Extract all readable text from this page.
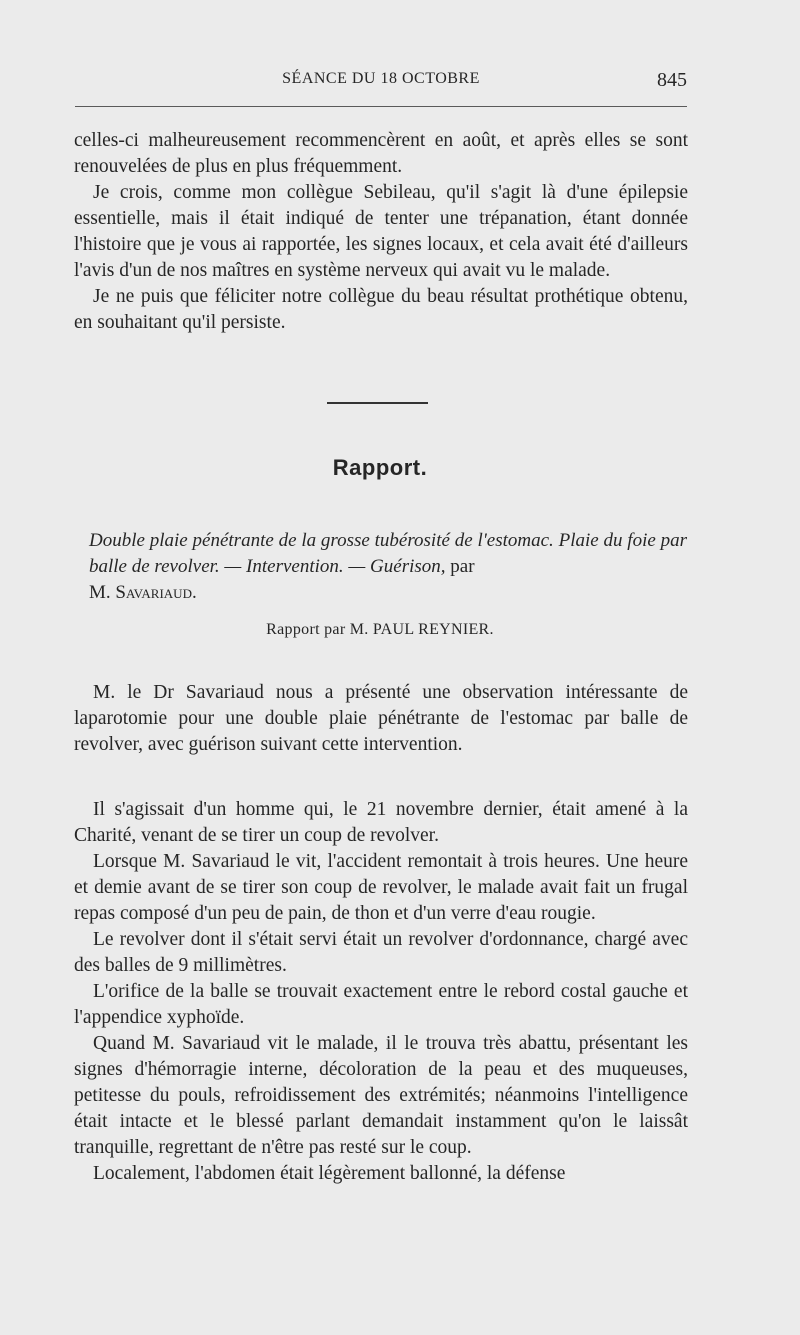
SÉANCE DU 18 OCTOBRE	845

celles-ci malheureusement recommencèrent en août, et après elles se sont renouvelées de plus en plus fréquemment.

Je crois, comme mon collègue Sebileau, qu'il s'agit là d'une épilepsie essentielle, mais il était indiqué de tenter une trépanation, étant donnée l'histoire que je vous ai rapportée, les signes locaux, et cela avait été d'ailleurs l'avis d'un de nos maîtres en système nerveux qui avait vu le malade.

Je ne puis que féliciter notre collègue du beau résultat prothétique obtenu, en souhaitant qu'il persiste.

Rapport.
Double plaie pénétrante de la grosse tubérosité de l'estomac. Plaie du foie par balle de revolver. — Intervention. — Guérison, par
M. Savariaud.
Rapport par M. PAUL REYNIER.

M. le Dr Savariaud nous a présenté une observation intéressante de laparotomie pour une double plaie pénétrante de l'estomac par balle de revolver, avec guérison suivant cette intervention.

Il s'agissait d'un homme qui, le 21 novembre dernier, était amené à la Charité, venant de se tirer un coup de revolver.

Lorsque M. Savariaud le vit, l'accident remontait à trois heures. Une heure et demie avant de se tirer son coup de revolver, le malade avait fait un frugal repas composé d'un peu de pain, de thon et d'un verre d'eau rougie.

Le revolver dont il s'était servi était un revolver d'ordonnance, chargé avec des balles de 9 millimètres.

L'orifice de la balle se trouvait exactement entre le rebord costal gauche et l'appendice xyphoïde.

Quand M. Savariaud vit le malade, il le trouva très abattu, présentant les signes d'hémorragie interne, décoloration de la peau et des muqueuses, petitesse du pouls, refroidissement des extrémités; néanmoins l'intelligence était intacte et le blessé parlant demandait instamment qu'on le laissât tranquille, regrettant de n'être pas resté sur le coup.

Localement, l'abdomen était légèrement ballonné, la défense
